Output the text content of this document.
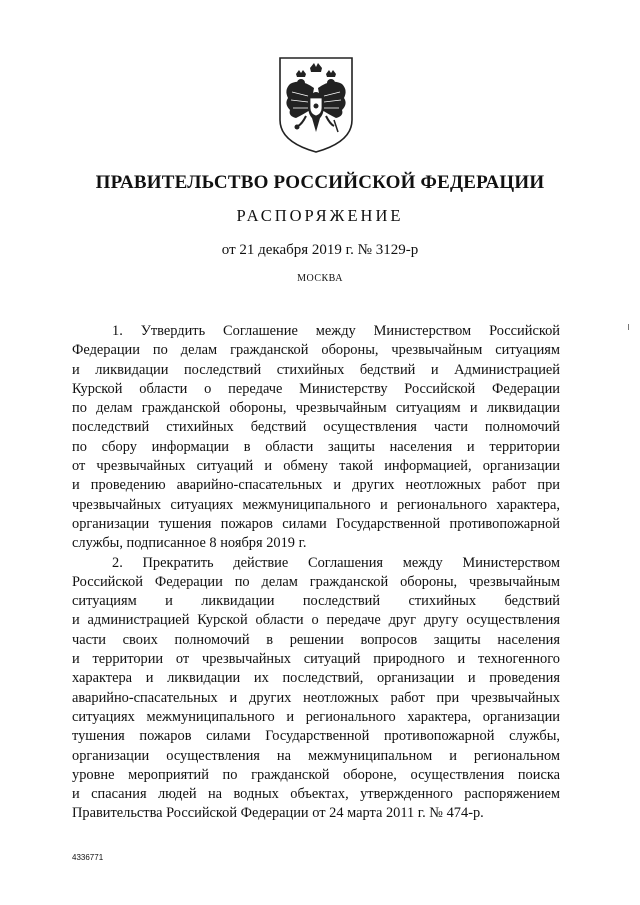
ПРАВИТЕЛЬСТВО РОССИЙСКОЙ ФЕДЕРАЦИИ
РАСПОРЯЖЕНИЕ
от 21 декабря 2019 г. № 3129-р
МОСКВА
1. Утвердить Соглашение между Министерством Российской
Федерации по делам гражданской обороны, чрезвычайным ситуациям
и ликвидации последствий стихийных бедствий и Администрацией
Курской области о передаче Министерству Российской Федерации
по делам гражданской обороны, чрезвычайным ситуациям и ликвидации
последствий стихийных бедствий осуществления части полномочий
по сбору информации в области защиты населения и территории
от чрезвычайных ситуаций и обмену такой информацией, организации
и проведению аварийно-спасательных и других неотложных работ при
чрезвычайных ситуациях межмуниципального и регионального характера,
организации тушения пожаров силами Государственной противопожарной
службы, подписанное 8 ноября 2019 г.
2. Прекратить действие Соглашения между Министерством
Российской Федерации по делам гражданской обороны, чрезвычайным
ситуациям и ликвидации последствий стихийных бедствий
и администрацией Курской области о передаче друг другу осуществления
части своих полномочий в решении вопросов защиты населения
и территории от чрезвычайных ситуаций природного и техногенного
характера и ликвидации их последствий, организации и проведения
аварийно-спасательных и других неотложных работ при чрезвычайных
ситуациях межмуниципального и регионального характера, организации
тушения пожаров силами Государственной противопожарной службы,
организации осуществления на межмуниципальном и региональном
уровне мероприятий по гражданской обороне, осуществления поиска
и спасания людей на водных объектах, утвержденного распоряжением
Правительства Российской Федерации от 24 марта 2011 г. № 474-р.
4336771
